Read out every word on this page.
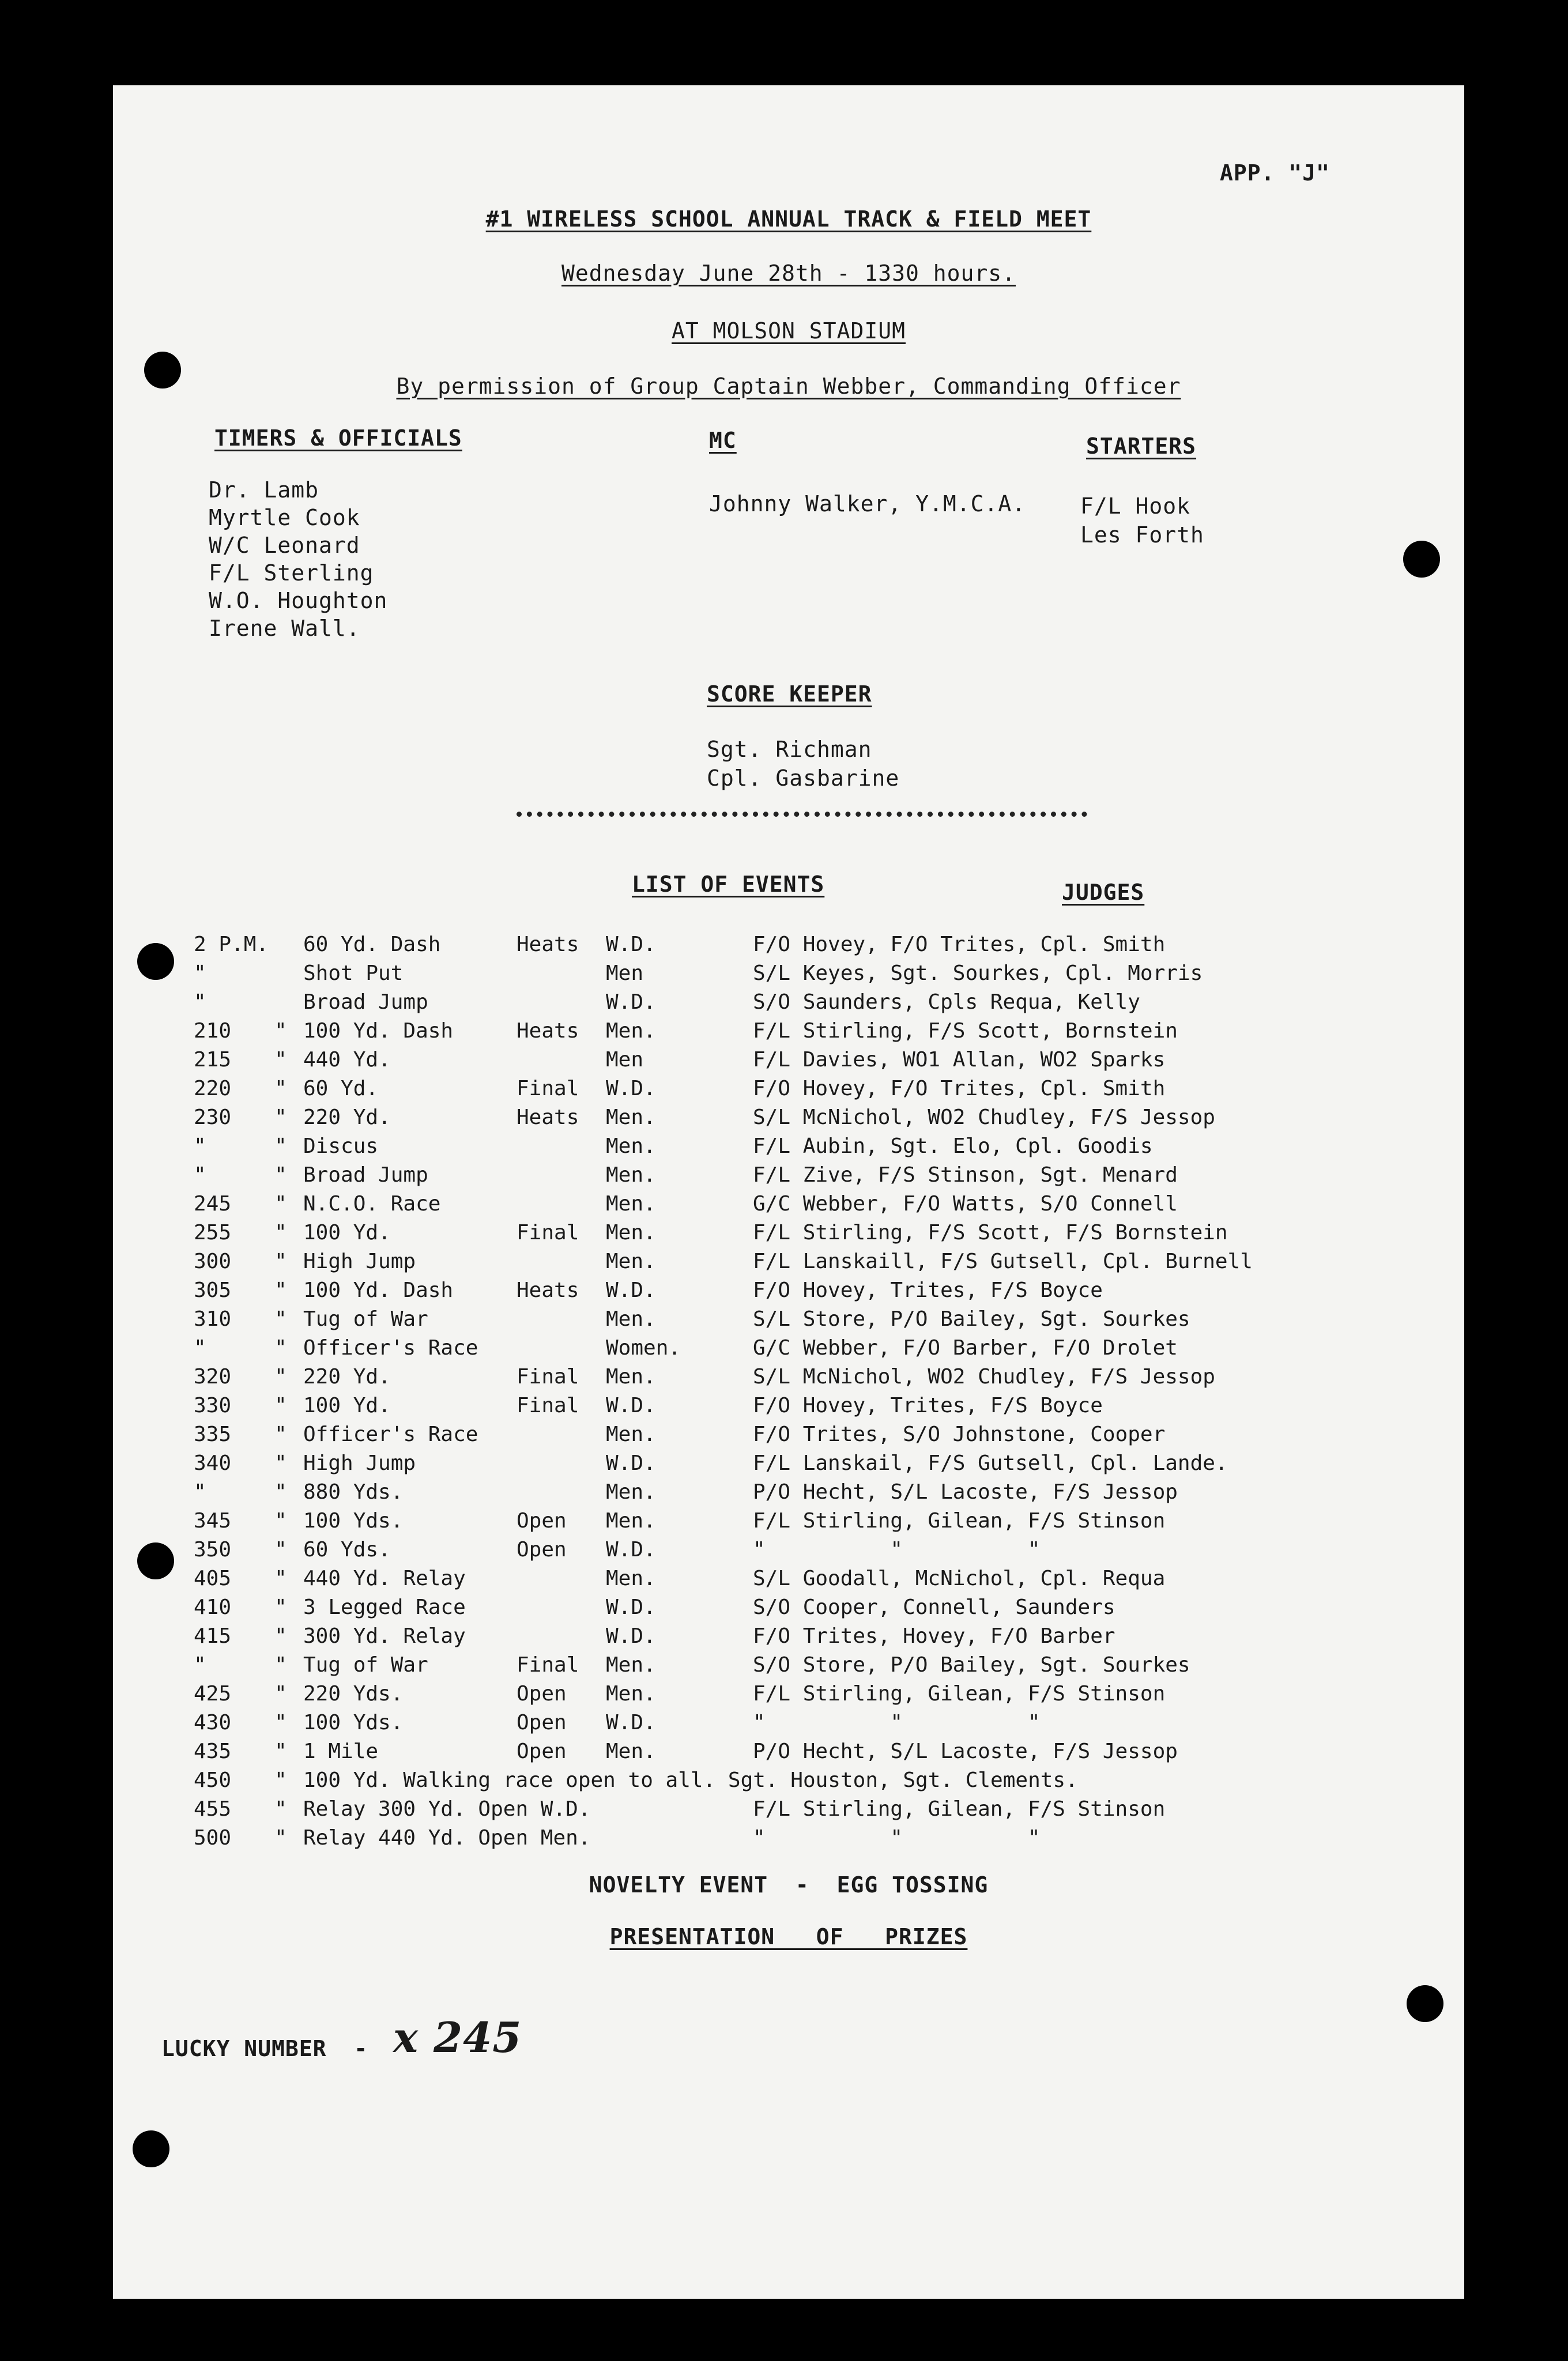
APP. "J"
#1 WIRELESS SCHOOL ANNUAL TRACK & FIELD MEET
Wednesday June 28th - 1330 hours.
AT MOLSON STADIUM
By permission of Group Captain Webber, Commanding Officer
TIMERS & OFFICIALS
Dr. Lamb
Myrtle Cook
W/C Leonard
F/L Sterling
W.O. Houghton
Irene Wall.
MC
Johnny Walker, Y.M.C.A.
STARTERS
F/L Hook
Les Forth
SCORE KEEPER
Sgt. Richman
Cpl. Gasbarine
LIST OF EVENTS	JUDGES
2 P.M. 60 Yd. Dash	Heats W.D.	F/O Hovey, F/O Trites, Cpl. Smith
"	Shot Put	Men	S/L Keyes, Sgt. Sourkes, Cpl. Morris
"	Broad Jump	W.D.	S/O Saunders, Cpls Requa, Kelly
210	" 100 Yd. Dash	Heats Men.	F/L Stirling, F/S Scott, Bornstein
215	" 440 Yd.	Men	F/L Davies, WO1 Allan, WO2 Sparks
220	" 60 Yd.	Final W.D.	F/O Hovey, F/O Trites, Cpl. Smith
230	" 220 Yd.	Heats Men.	S/L McNichol, WO2 Chudley, F/S Jessop
"	" Discus	Men.	F/L Aubin, Sgt. Elo, Cpl. Goodis
"	" Broad Jump	Men.	F/L Zive, F/S Stinson, Sgt. Menard
245	" N.C.O. Race	Men.	G/C Webber, F/O Watts, S/O Connell
255	" 100 Yd.	Final Men.	F/L Stirling, F/S Scott, F/S Bornstein
300	" High Jump	Men.	F/L Lanskaill, F/S Gutsell, Cpl. Burnell
305	" 100 Yd. Dash	Heats W.D.	F/O Hovey, Trites, F/S Boyce
310	" Tug of War	Men.	S/L Store, P/O Bailey, Sgt. Sourkes
"	" Officer's Race	Women.	G/C Webber, F/O Barber, F/O Drolet
320	" 220 Yd.	Final Men.	S/L McNichol, WO2 Chudley, F/S Jessop
330	" 100 Yd.	Final W.D.	F/O Hovey, Trites, F/S Boyce
335	" Officer's Race	Men.	F/O Trites, S/O Johnstone, Cooper
340	" High Jump	W.D.	F/L Lanskail, F/S Gutsell, Cpl. Lande.
"	" 880 Yds.	Men.	P/O Hecht, S/L Lacoste, F/S Jessop
345	" 100 Yds.	Open Men.	F/L Stirling, Gilean, F/S Stinson
350	" 60 Yds.	Open W.D.	"          "          "
405	" 440 Yd. Relay	Men.	S/L Goodall, McNichol, Cpl. Requa
410	" 3 Legged Race	W.D.	S/O Cooper, Connell, Saunders
415	" 300 Yd. Relay	W.D.	F/O Trites, Hovey, F/O Barber
"	" Tug of War	Final Men.	S/O Store, P/O Bailey, Sgt. Sourkes
425	" 220 Yds.	Open Men.	F/L Stirling, Gilean, F/S Stinson
430	" 100 Yds.	Open W.D.	"          "          "
435	" 1 Mile	Open Men.	P/O Hecht, S/L Lacoste, F/S Jessop
450	" 100 Yd. Walking race open to all. Sgt. Houston, Sgt. Clements.
455	" Relay 300 Yd. Open W.D.	F/L Stirling, Gilean, F/S Stinson
500	" Relay 440 Yd. Open Men.	"          "          "
NOVELTY EVENT  -  EGG TOSSING
PRESENTATION   OF   PRIZES
LUCKY NUMBER  - x 245
